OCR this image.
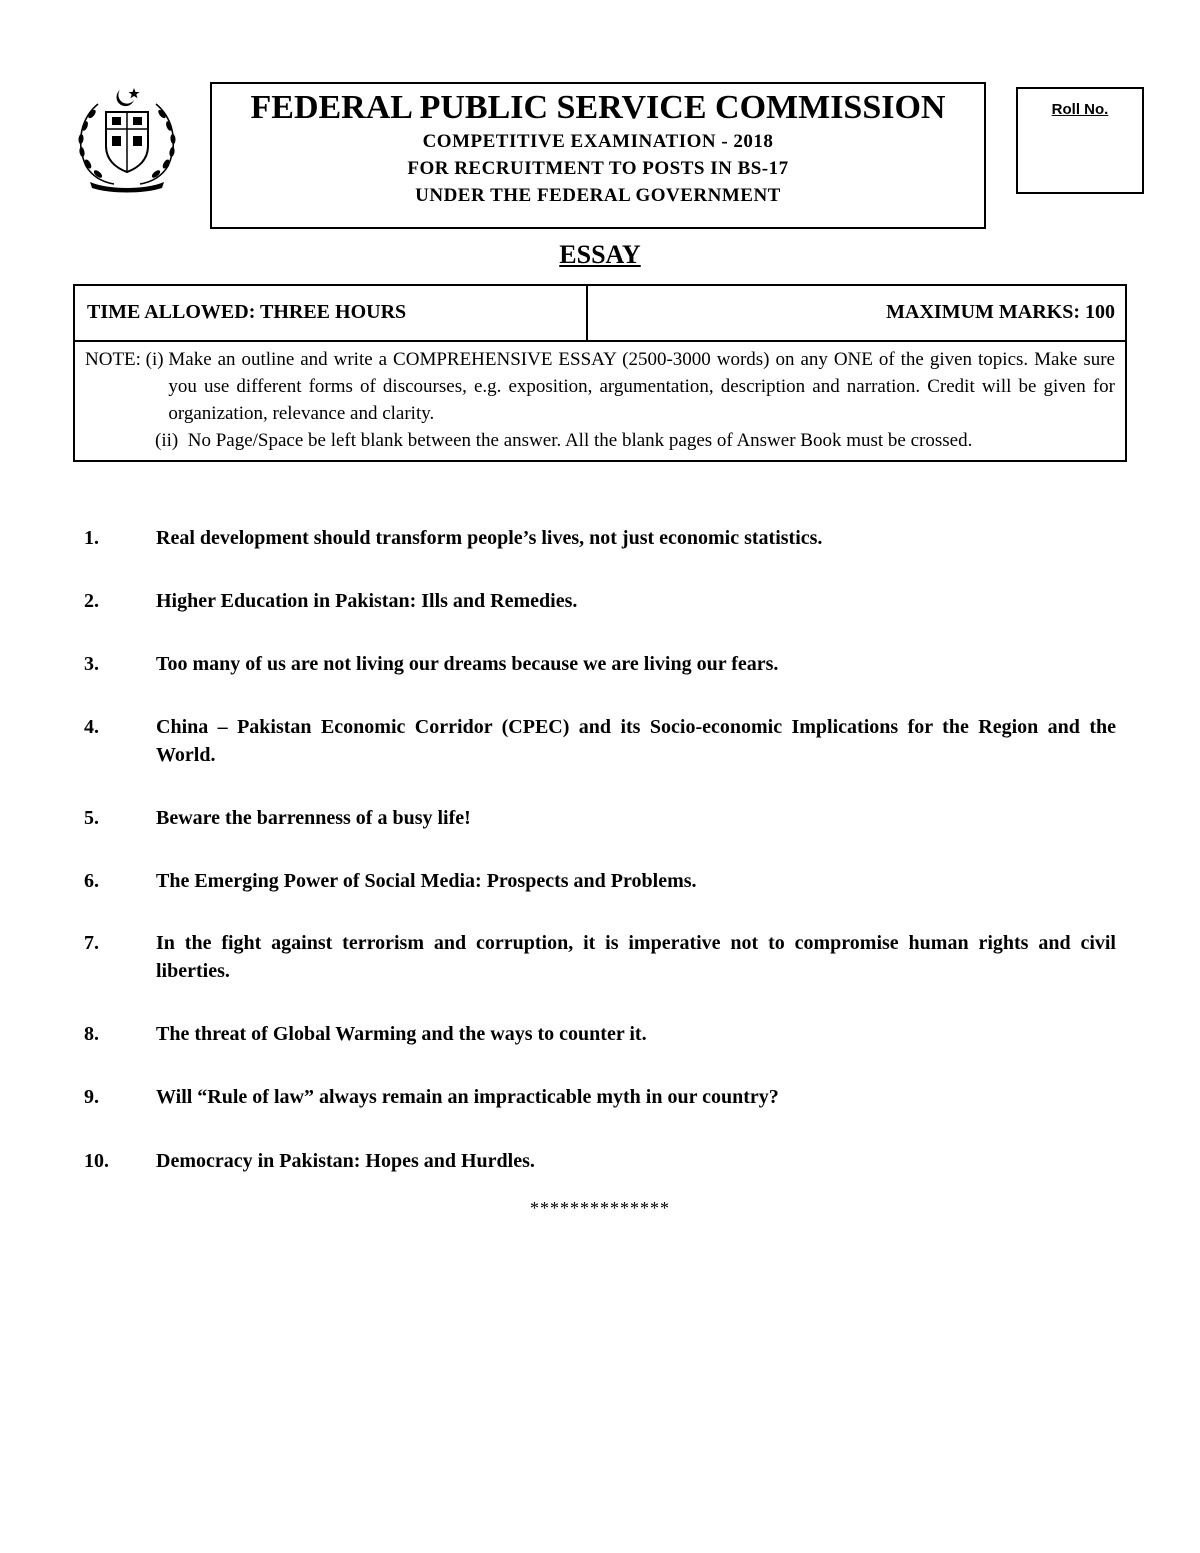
FEDERAL PUBLIC SERVICE COMMISSION
COMPETITIVE EXAMINATION - 2018
FOR RECRUITMENT TO POSTS IN BS-17
UNDER THE FEDERAL GOVERNMENT
Roll No.
ESSAY
TIME ALLOWED: THREE HOURS	MAXIMUM MARKS: 100
NOTE: (i)
Make an outline and write a COMPREHENSIVE ESSAY (2500-3000 words) on any ONE of the given topics. Make sure you use different forms of discourses, e.g. exposition, argumentation, description and narration. Credit will be given for organization, relevance and clarity.
(ii)
No Page/Space be left blank between the answer. All the blank pages of Answer Book must be crossed.
1.	Real development should transform people’s lives, not just economic statistics.
2.	Higher Education in Pakistan: Ills and Remedies.
3.	Too many of us are not living our dreams because we are living our fears.
4.	China – Pakistan Economic Corridor (CPEC) and its Socio-economic Implications for the Region and the World.
5.	Beware the barrenness of a busy life!
6.	The Emerging Power of Social Media: Prospects and Problems.
7.	In the fight against terrorism and corruption, it is imperative not to compromise human rights and civil liberties.
8.	The threat of Global Warming and the ways to counter it.
9.	Will “Rule of law” always remain an impracticable myth in our country?
10.	Democracy in Pakistan: Hopes and Hurdles.
**************
